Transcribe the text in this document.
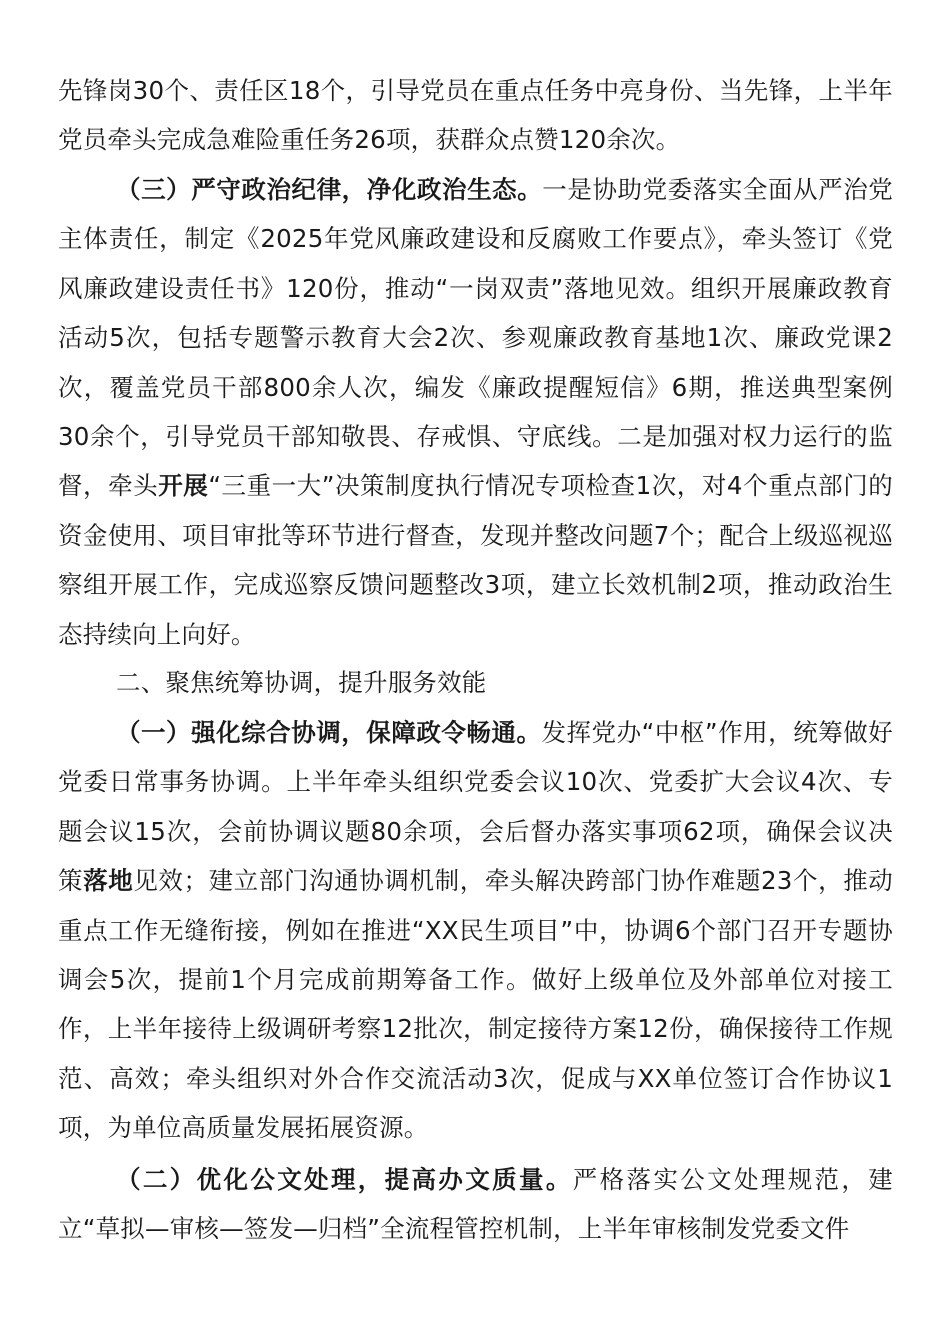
先锋岗30个、责任区18个，引导党员在重点任务中亮身份、当先锋，上半年党员牵头完成急难险重任务26项，获群众点赞120余次。

（三）严守政治纪律，净化政治生态。一是协助党委落实全面从严治党主体责任，制定《2025年党风廉政建设和反腐败工作要点》，牵头签订《党风廉政建设责任书》120份，推动“一岗双责”落地见效。组织开展廉政教育活动5次，包括专题警示教育大会2次、参观廉政教育基地1次、廉政党课2次，覆盖党员干部800余人次，编发《廉政提醒短信》6期，推送典型案例30余个，引导党员干部知敬畏、存戒惧、守底线。二是加强对权力运行的监督，牵头开展“三重一大”决策制度执行情况专项检查1次，对4个重点部门的资金使用、项目审批等环节进行督查，发现并整改问题7个；配合上级巡视巡察组开展工作，完成巡察反馈问题整改3项，建立长效机制2项，推动政治生态持续向上向好。

二、聚焦统筹协调，提升服务效能

（一）强化综合协调，保障政令畅通。发挥党办“中枢”作用，统筹做好党委日常事务协调。上半年牵头组织党委会议10次、党委扩大会议4次、专题会议15次，会前协调议题80余项，会后督办落实事项62项，确保会议决策落地见效；建立部门沟通协调机制，牵头解决跨部门协作难题23个，推动重点工作无缝衔接，例如在推进“XX民生项目”中，协调6个部门召开专题协调会5次，提前1个月完成前期筹备工作。做好上级单位及外部单位对接工作，上半年接待上级调研考察12批次，制定接待方案12份，确保接待工作规范、高效；牵头组织对外合作交流活动3次，促成与XX单位签订合作协议1项，为单位高质量发展拓展资源。

（二）优化公文处理，提高办文质量。严格落实公文处理规范，建立“草拟—审核—签发—归档”全流程管控机制，上半年审核制发党委文件
